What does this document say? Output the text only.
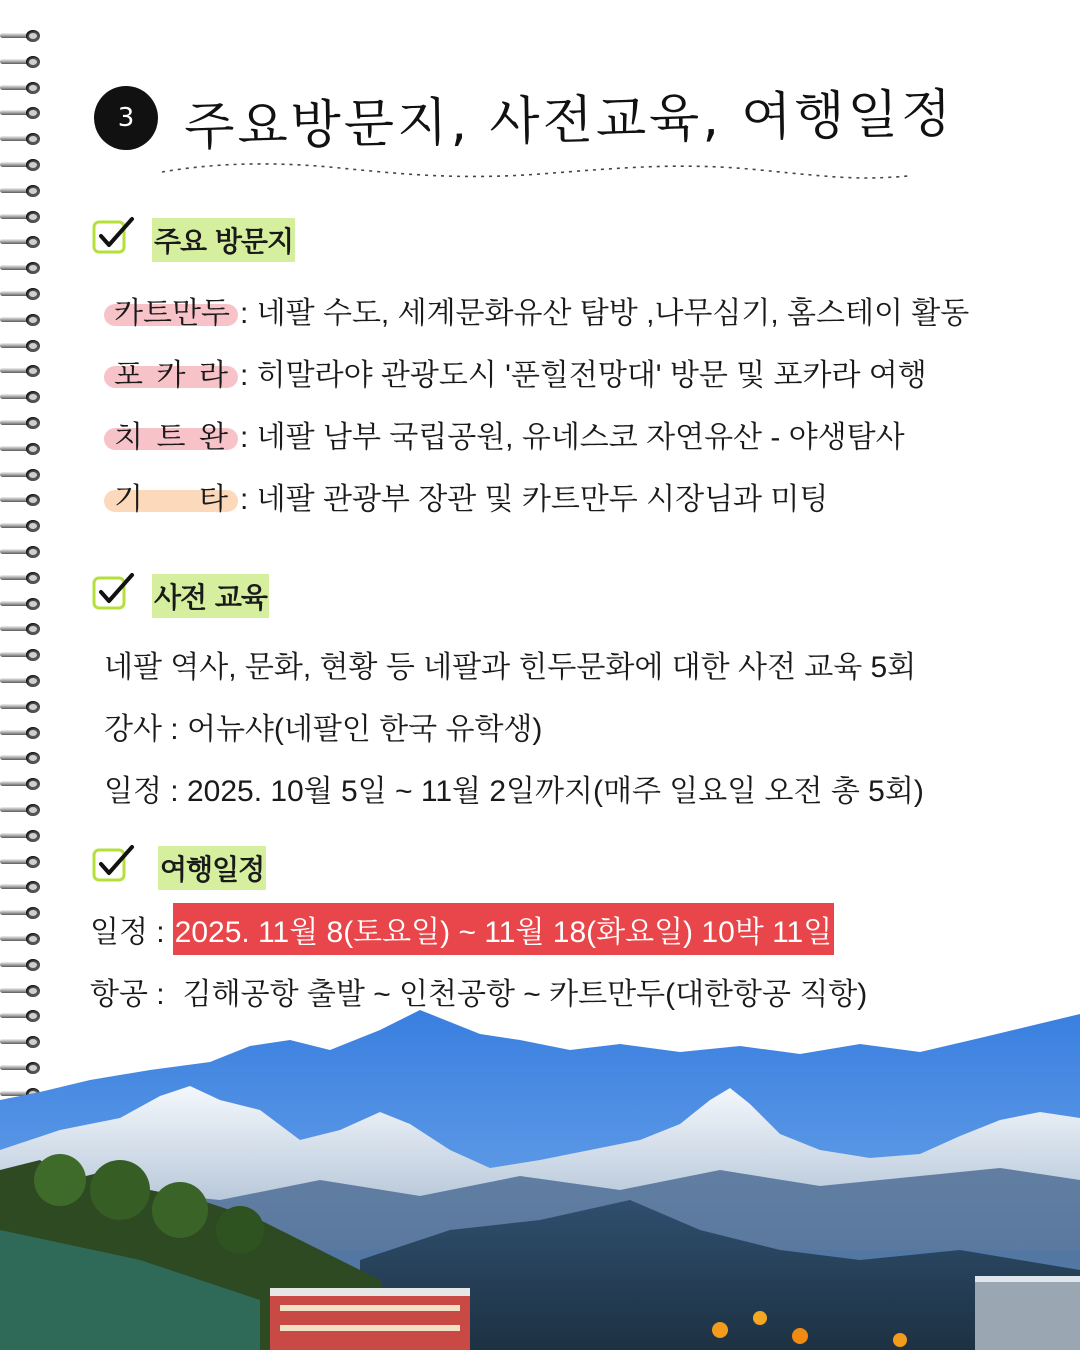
3 주요방문지, 사전교육, 여행일정
주요 방문지
카트만두 : 네팔 수도, 세계문화유산 탐방 ,나무심기, 홈스테이 활동
포 카 라 : 히말라야 관광도시 '푼힐전망대' 방문 및 포카라 여행
치 트 완 : 네팔 남부 국립공원, 유네스코 자연유산 - 야생탐사
기 타 : 네팔 관광부 장관 및 카트만두 시장님과 미팅
사전 교육
네팔 역사, 문화, 현황 등 네팔과 힌두문화에 대한 사전 교육 5회
강사 : 어뉴샤(네팔인 한국 유학생)
일정 : 2025. 10월 5일 ~ 11월 2일까지(매주 일요일 오전 총 5회)
여행일정
일정 : 2025. 11월 8(토요일) ~ 11월 18(화요일) 10박 11일
항공 : 김해공항 출발 ~ 인천공항 ~ 카트만두(대한항공 직항)
